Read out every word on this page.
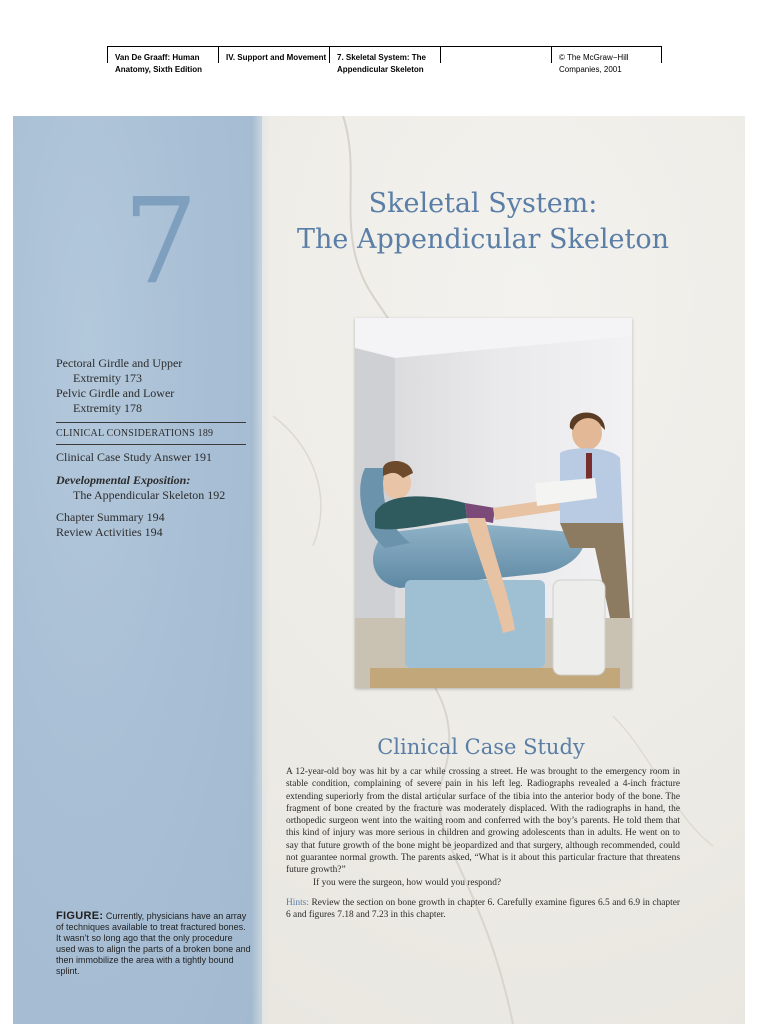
Van De Graaff: Human
Anatomy, Sixth Edition
IV. Support and Movement 7. Skeletal System: The
Appendicular Skeleton
© The McGraw−Hill
Companies, 2001
7
Pectoral Girdle and Upper
Extremity 173
Pelvic Girdle and Lower
Extremity 178
CLINICAL CONSIDERATIONS 189
Clinical Case Study Answer 191
Developmental Exposition:
The Appendicular Skeleton 192
Chapter Summary 194
Review Activities 194
FIGURE: Currently, physicians have an array of techniques available to treat fractured bones. It wasn’t so long ago that the only procedure used was to align the parts of a broken bone and then immobilize the area with a tightly bound splint.
Skeletal System:
The Appendicular Skeleton
Clinical Case Study

A 12-year-old boy was hit by a car while crossing a street. He was brought to the emergency room in stable condition, complaining of severe pain in his left leg. Radiographs revealed a 4-inch fracture extending superiorly from the distal articular surface of the tibia into the anterior body of the bone. The fragment of bone created by the fracture was moderately displaced. With the radiographs in hand, the orthopedic surgeon went into the waiting room and conferred with the boy’s parents. He told them that this kind of injury was more serious in children and growing adolescents than in adults. He went on to say that future growth of the bone might be jeopardized and that surgery, although recommended, could not guarantee normal growth. The parents asked, “What is it about this particular fracture that threatens future growth?”

If you were the surgeon, how would you respond?

Hints: Review the section on bone growth in chapter 6. Carefully examine figures 6.5 and 6.9 in chapter 6 and figures 7.18 and 7.23 in this chapter.
